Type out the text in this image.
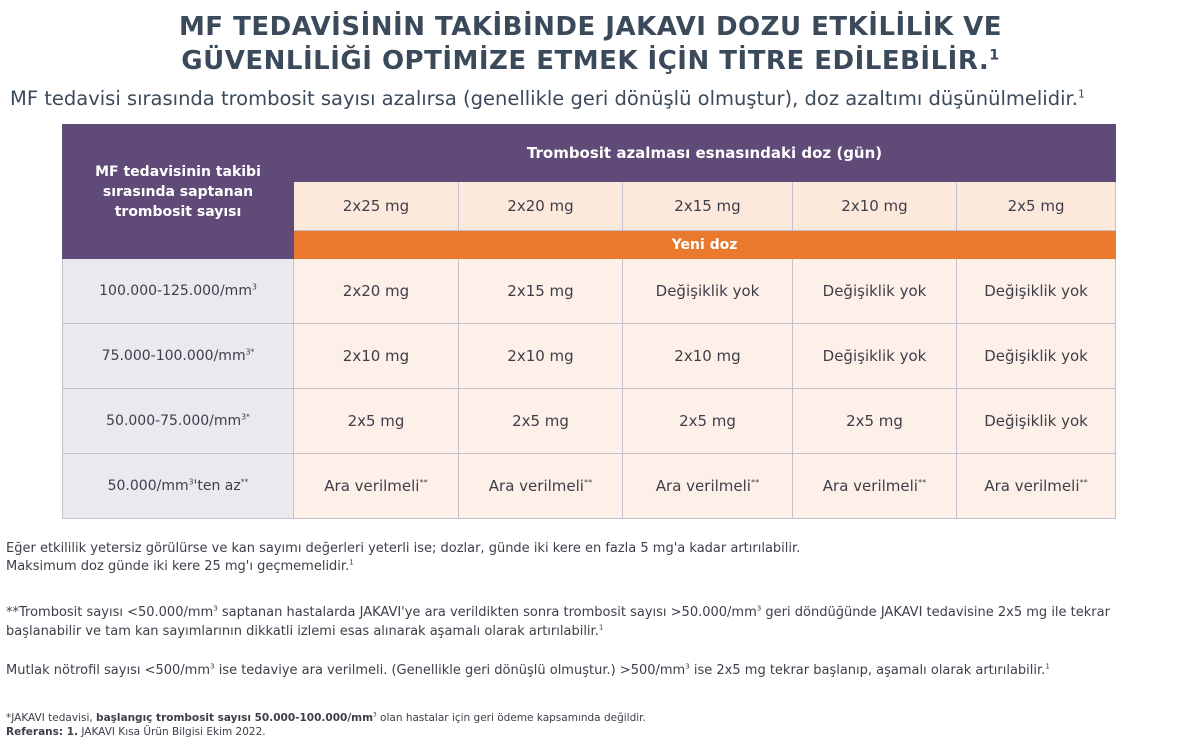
MF TEDAVİSİNİN TAKİBİNDE JAKAVI DOZU ETKİLİLİK VE
GÜVENLİLİĞİ OPTİMİZE ETMEK İÇİN TİTRE EDİLEBİLİR.$^1$
MF tedavisi sırasında trombosit sayısı azalırsa (genellikle geri dönüşlü olmuştur), doz azaltımı düşünülmelidir.$^1$
MF tedavisinin takibi sırasında saptanan trombosit sayısı	Trombosit azalması esnasındaki doz (gün)				
	2x25 mg	2x20 mg	2x15 mg	2x10 mg	2x5 mg
	Yeni doz				
$100.000-125.000/mm^3$	2x20 mg	2x15 mg	Değişiklik yok	Değişiklik yok	Değişiklik yok
$75.000-100.000/mm^{3*}$	2x10 mg	2x10 mg	2x10 mg	Değişiklik yok	Değişiklik yok
$50.000-75.000/mm^{3*}$	2x5 mg	2x5 mg	2x5 mg	2x5 mg	Değişiklik yok
$50.000/mm^3'ten$ az**	Ara verilmeli**	Ara verilmeli**	Ara verilmeli**	Ara verilmeli**	Ara verilmeli**
Eğer etkililik yetersiz görülürse ve kan sayımı değerleri yeterli ise; dozlar, günde iki kere en fazla 5 mg'a kadar artırılabilir.
Maksimum doz günde iki kere 25 mg'ı geçmemelidir.$^1$
**Trombosit sayısı $<50.000/mm^3$ saptanan hastalarda JAKAVI'ye ara verildikten sonra trombosit sayısı $>50.000/mm^3$ geri döndüğünde JAKAVI tedavisine 2x5 mg ile tekrar başlanabilir ve tam kan sayımlarının dikkatli izlemi esas alınarak aşamalı olarak artırılabilir.$^1$
Mutlak nötrofil sayısı $<500/mm^3$ ise tedaviye ara verilmeli. (Genellikle geri dönüşlü olmuştur.) $>500/mm^3$ ise 2x5 mg tekrar başlanıp, aşamalı olarak artırılabilir.$^1$
*JAKAVI tedavisi, başlangıç trombosit sayısı $50.000-100.000/mm^3$ olan hastalar için geri ödeme kapsamında değildir.
Referans: 1. JAKAVI Kısa Ürün Bilgisi Ekim 2022.
